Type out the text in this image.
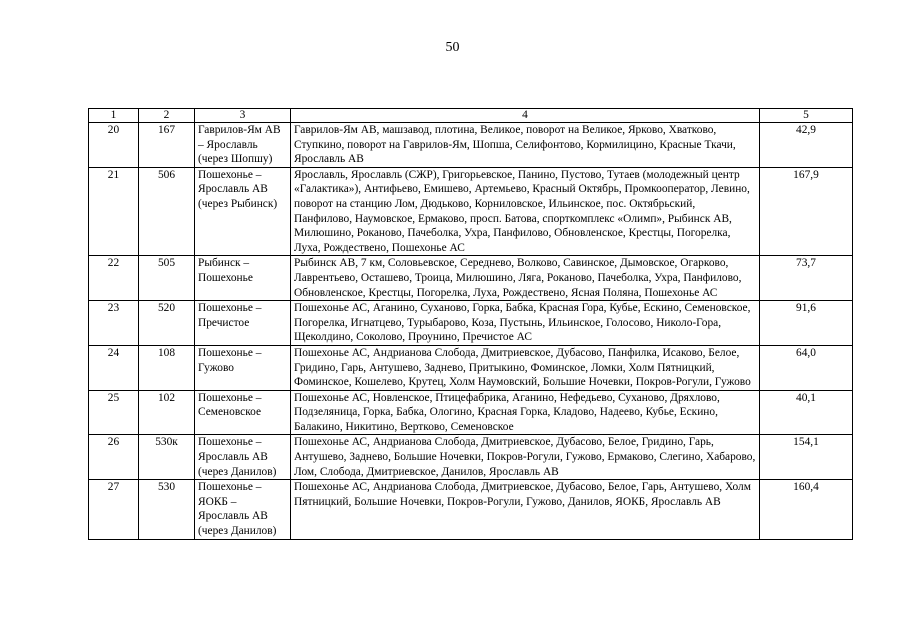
50
1	2	3	4	5
20	167	Гаврилов-Ям АВ – Ярославль (через Шопшу)	Гаврилов-Ям АВ, машзавод, плотина, Великое, поворот на Великое, Ярково, Хватково, Ступкино, поворот на Гаврилов-Ям, Шопша, Селифонтово, Кормилицино, Красные Ткачи, Ярославль АВ	42,9
21	506	Пошехонье – Ярославль АВ (через Рыбинск)	Ярославль, Ярославль (СЖР), Григорьевское, Панино, Пустово, Тутаев (молодежный центр «Галактика»), Антифьево, Емишево, Артемьево, Красный Октябрь, Промкооператор, Левино, поворот на станцию Лом, Дюдьково, Корниловское, Ильинское, пос. Октябрьский, Панфилово, Наумовское, Ермаково, просп. Батова, спорткомплекс «Олимп», Рыбинск АВ, Милюшино, Роканово, Пачеболка, Ухра, Панфилово, Обновленское, Крестцы, Погорелка, Луха, Рождествено, Пошехонье АС	167,9
22	505	Рыбинск – Пошехонье	Рыбинск АВ, 7 км, Соловьевское, Середнево, Волково, Савинское, Дымовское, Огарково, Лаврентьево, Осташево, Троица, Милюшино, Ляга, Роканово, Пачеболка, Ухра, Панфилово, Обновленское, Крестцы, Погорелка, Луха, Рождествено, Ясная Поляна, Пошехонье АС	73,7
23	520	Пошехонье – Пречистое	Пошехонье АС, Аганино, Суханово, Горка, Бабка, Красная Гора, Кубье, Ескино, Семеновское, Погорелка, Игнатцево, Турыбарово, Коза, Пустынь, Ильинское, Голосово, Николо-Гора, Щеколдино, Соколово, Проунино, Пречистое АС	91,6
24	108	Пошехонье – Гужово	Пошехонье АС, Андрианова Слобода, Дмитриевское, Дубасово, Панфилка, Исаково, Белое, Гридино, Гарь, Антушево, Заднево, Притыкино, Фоминское, Ломки, Холм Пятницкий, Фоминское, Кошелево, Крутец, Холм Наумовский, Большие Ночевки, Покров-Рогули, Гужово	64,0
25	102	Пошехонье – Семеновское	Пошехонье АС, Новленское, Птицефабрика, Аганино, Нефедьево, Суханово, Дряхлово, Подзеляница, Горка, Бабка, Ологино, Красная Горка, Кладово, Надеево, Кубье, Ескино, Балакино, Никитино, Вертково, Семеновское	40,1
26	530к	Пошехонье – Ярославль АВ (через Данилов)	Пошехонье АС, Андрианова Слобода, Дмитриевское, Дубасово, Белое, Гридино, Гарь, Антушево, Заднево, Большие Ночевки, Покров-Рогули, Гужово, Ермаково, Слегино, Хабарово, Лом, Слобода, Дмитриевское, Данилов, Ярославль АВ	154,1
27	530	Пошехонье – ЯОКБ – Ярославль АВ (через Данилов)	Пошехонье АС, Андрианова Слобода, Дмитриевское, Дубасово, Белое, Гарь, Антушево, Холм Пятницкий, Большие Ночевки, Покров-Рогули, Гужово, Данилов, ЯОКБ, Ярославль АВ	160,4
